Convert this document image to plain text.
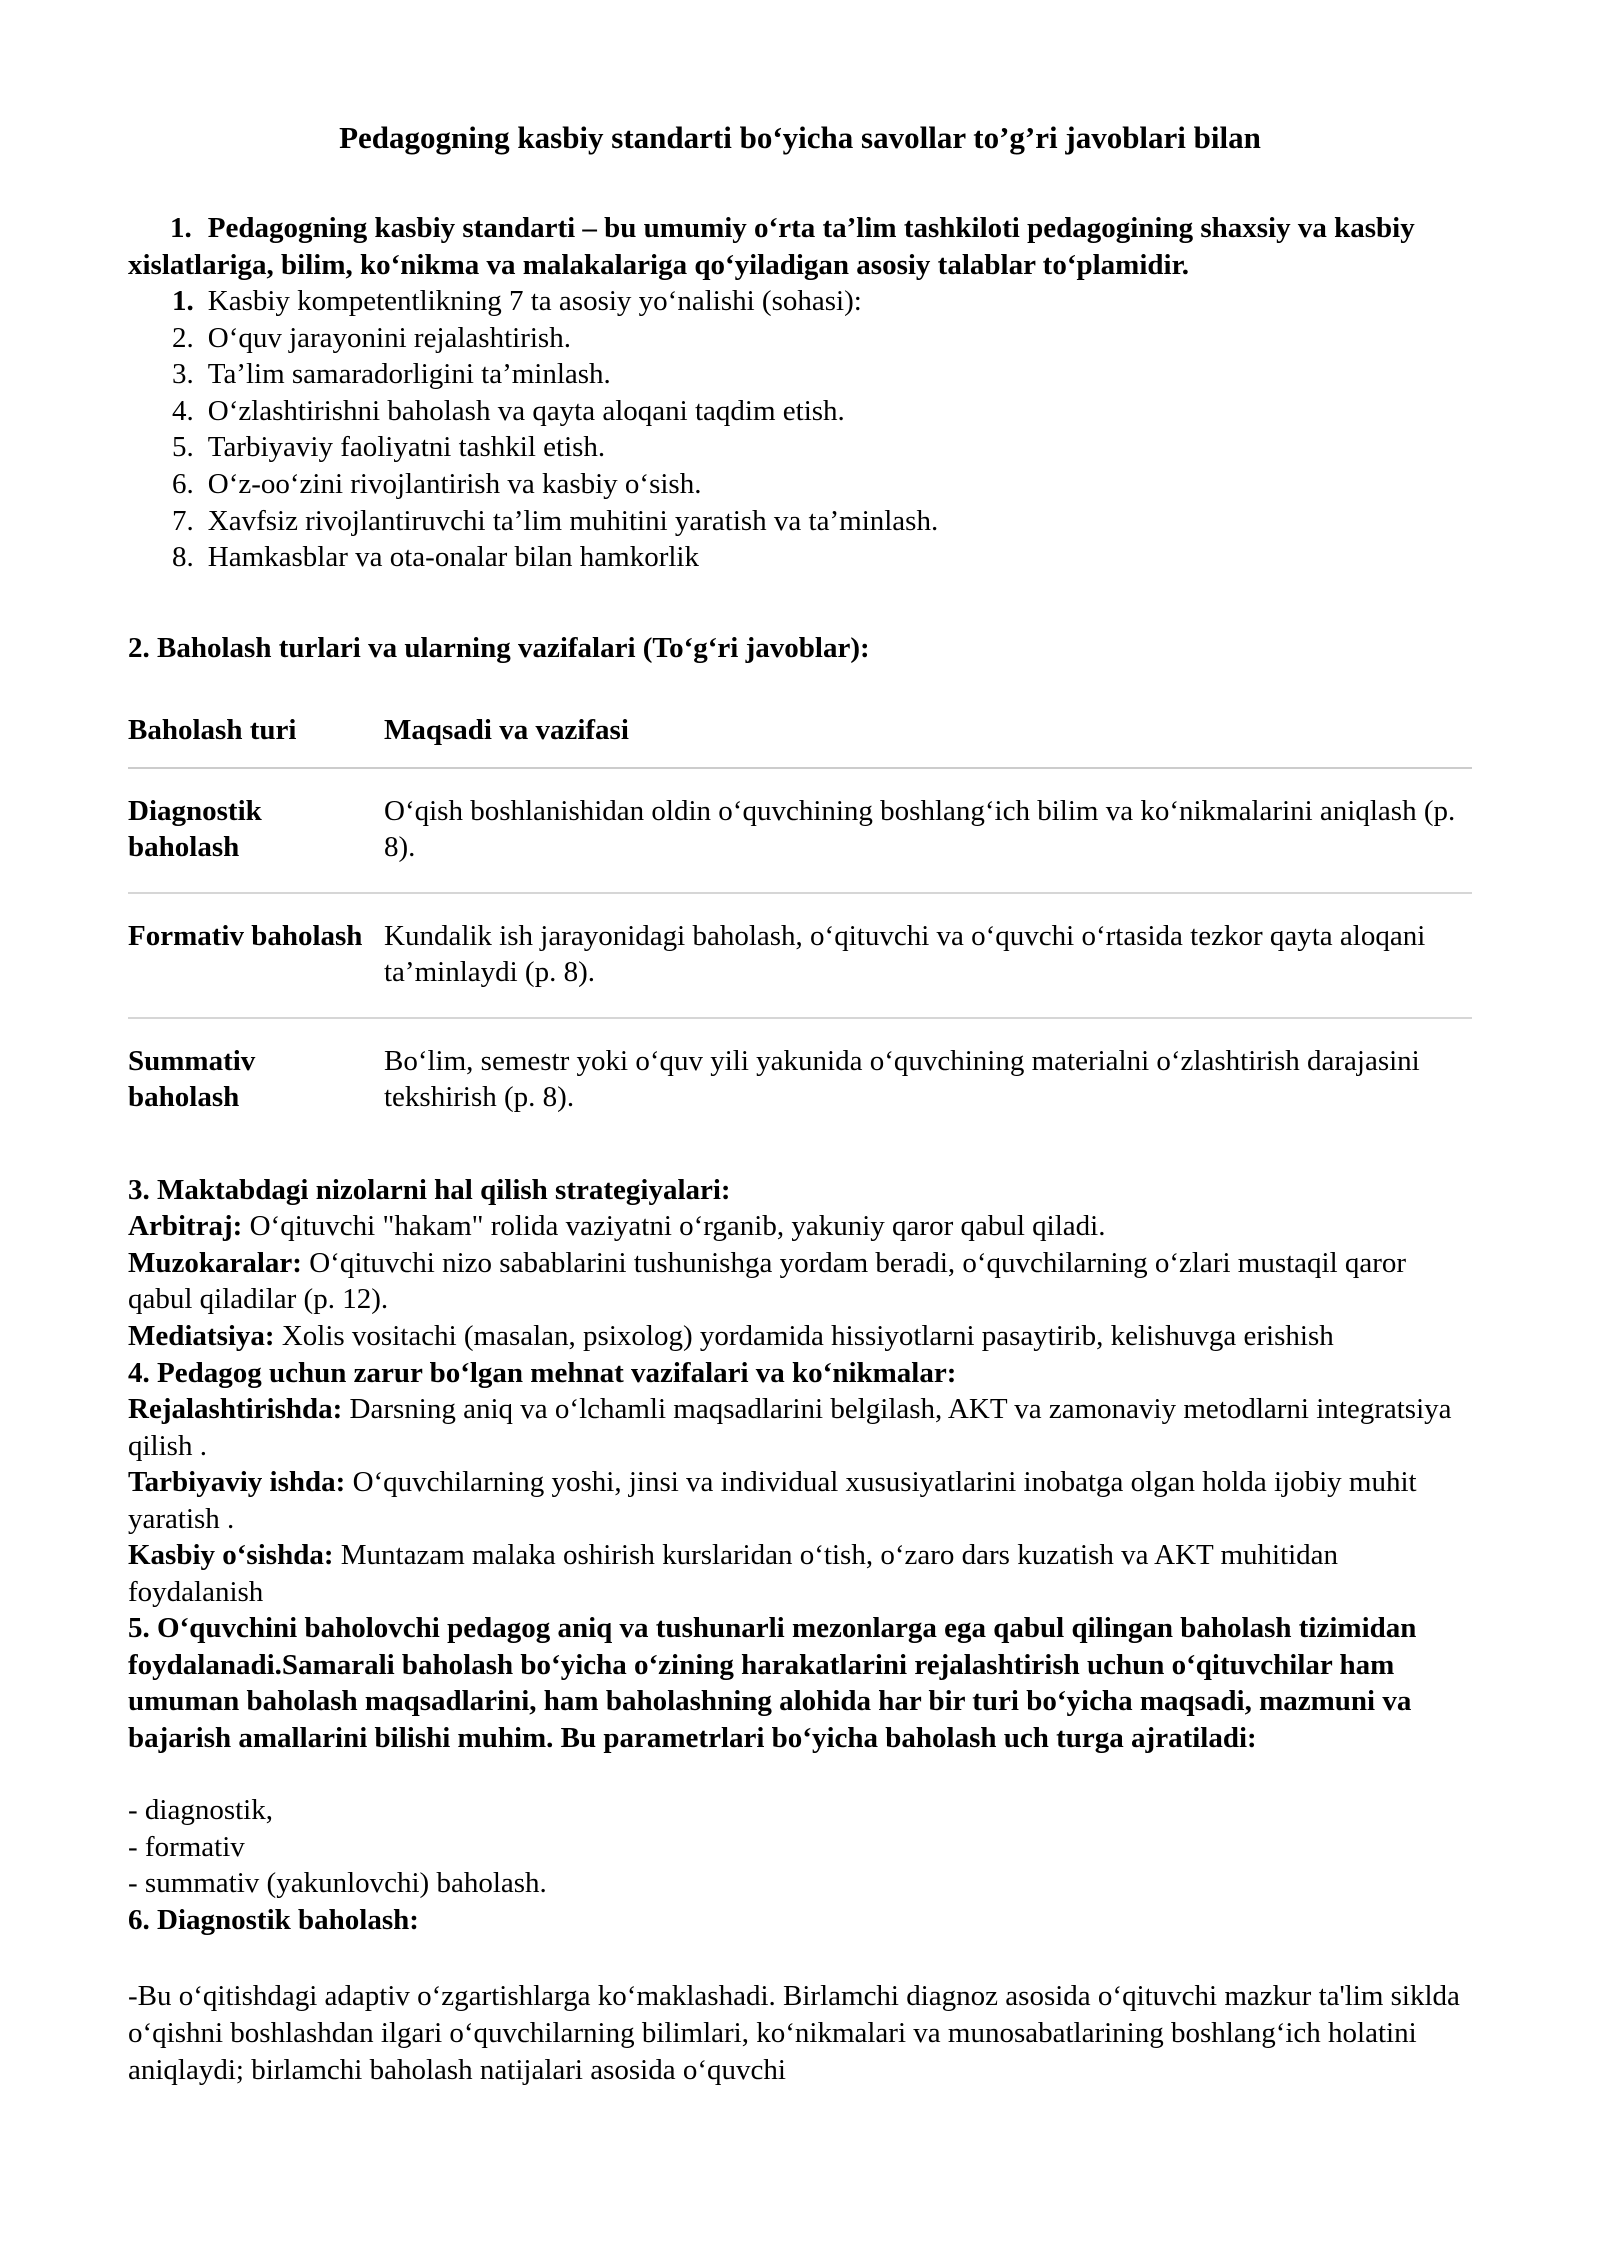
Pedagogning kasbiy standarti boʻyicha savollar to’g’ri javoblari bilan

1. Pedagogning kasbiy standarti – bu umumiy oʻrta ta’lim tashkiloti pedagogining shaxsiy va kasbiy xislatlariga, bilim, koʻnikma va malakalariga qoʻyiladigan asosiy talablar toʻplamidir.

1. Kasbiy kompetentlikning 7 ta asosiy yoʻnalishi (sohasi):

2. Oʻquv jarayonini rejalashtirish.

3. Ta’lim samaradorligini ta’minlash.

4. Oʻzlashtirishni baholash va qayta aloqani taqdim etish.

5. Tarbiyaviy faoliyatni tashkil etish.

6. Oʻz-ooʻzini rivojlantirish va kasbiy oʻsish.

7. Xavfsiz rivojlantiruvchi ta’lim muhitini yaratish va ta’minlash.

8. Hamkasblar va ota-onalar bilan hamkorlik

2. Baholash turlari va ularning vazifalari (Toʻgʻri javoblar):
Baholash turi	Maqsadi va vazifasi
Diagnostik baholash	Oʻqish boshlanishidan oldin oʻquvchining boshlangʻich bilim va koʻnikmalarini aniqlash (p. 8).
Formativ baholash	Kundalik ish jarayonidagi baholash, oʻqituvchi va oʻquvchi oʻrtasida tezkor qayta aloqani ta’minlaydi (p. 8).
Summativ baholash	Boʻlim, semestr yoki oʻquv yili yakunida oʻquvchining materialni oʻzlashtirish darajasini tekshirish (p. 8).
3. Maktabdagi nizolarni hal qilish strategiyalari:

Arbitraj: Oʻqituvchi "hakam" rolida vaziyatni oʻrganib, yakuniy qaror qabul qiladi.

Muzokaralar: Oʻqituvchi nizo sabablarini tushunishga yordam beradi, oʻquvchilarning oʻzlari mustaqil qaror qabul qiladilar (p. 12).

Mediatsiya: Xolis vositachi (masalan, psixolog) yordamida hissiyotlarni pasaytirib, kelishuvga erishish

4. Pedagog uchun zarur boʻlgan mehnat vazifalari va koʻnikmalar:

Rejalashtirishda: Darsning aniq va oʻlchamli maqsadlarini belgilash, AKT va zamonaviy metodlarni integratsiya qilish .

Tarbiyaviy ishda: Oʻquvchilarning yoshi, jinsi va individual xususiyatlarini inobatga olgan holda ijobiy muhit yaratish .

Kasbiy oʻsishda: Muntazam malaka oshirish kurslaridan oʻtish, oʻzaro dars kuzatish va AKT muhitidan foydalanish

5. Oʻquvchini baholovchi pedagog aniq va tushunarli mezonlarga ega qabul qilingan baholash tizimidan foydalanadi.Samarali baholash boʻyicha oʻzining harakatlarini rejalashtirish uchun oʻqituvchilar ham umuman baholash maqsadlarini, ham baholashning alohida har bir turi boʻyicha maqsadi, mazmuni va bajarish amallarini bilishi muhim. Bu parametrlari boʻyicha baholash uch turga ajratiladi:

- diagnostik,

- formativ

- summativ (yakunlovchi) baholash.

6. Diagnostik baholash:

-Bu oʻqitishdagi adaptiv oʻzgartishlarga koʻmaklashadi. Birlamchi diagnoz asosida oʻqituvchi mazkur ta'lim siklda oʻqishni boshlashdan ilgari oʻquvchilarning bilimlari, koʻnikmalari va munosabatlarining boshlangʻich holatini aniqlaydi; birlamchi baholash natijalari asosida oʻquvchi
